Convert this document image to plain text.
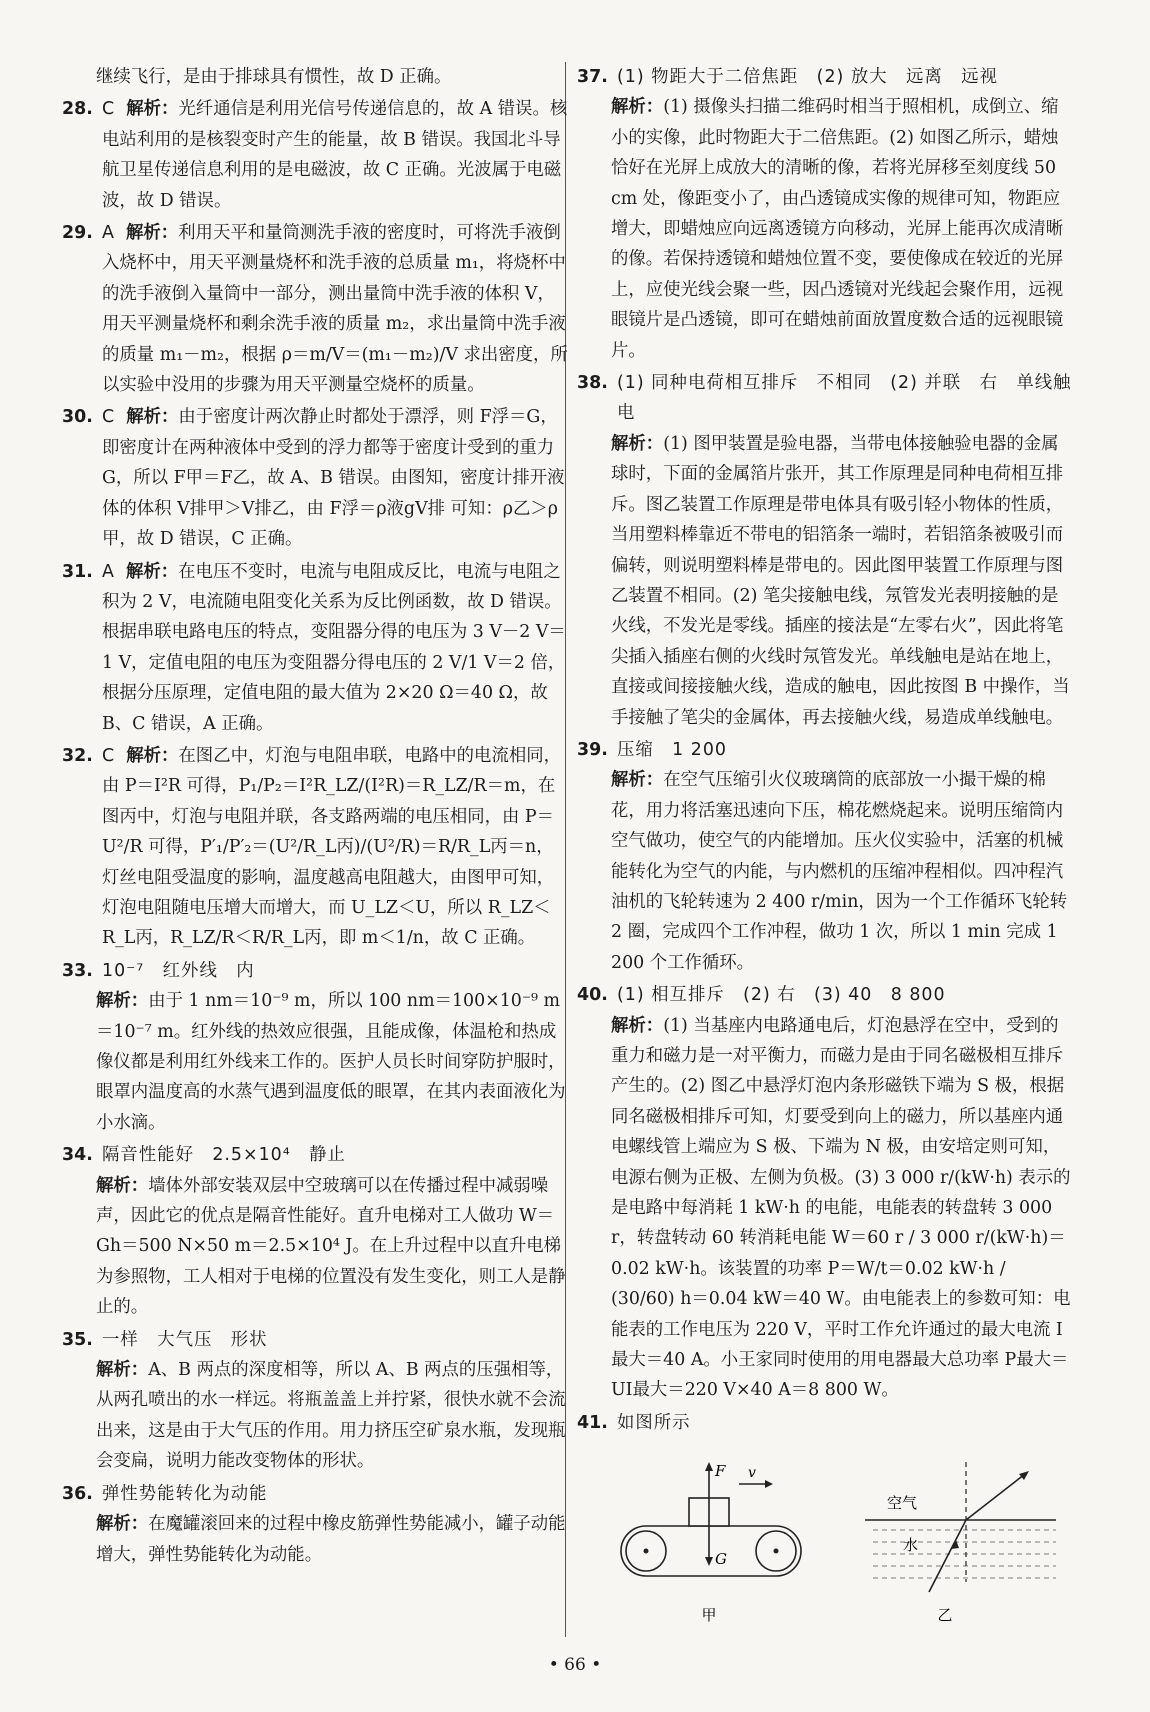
继续飞行，是由于排球具有惯性，故 D 正确。
28. C 解析：光纤通信是利用光信号传递信息的，故 A 错误。核电站利用的是核裂变时产生的能量，故 B 错误。我国北斗导航卫星传递信息利用的是电磁波，故 C 正确。光波属于电磁波，故 D 错误。
29. A 解析：利用天平和量筒测洗手液的密度时，可将洗手液倒入烧杯中，用天平测量烧杯和洗手液的总质量 m₁，将烧杯中的洗手液倒入量筒中一部分，测出量筒中洗手液的体积 V，用天平测量烧杯和剩余洗手液的质量 m₂，求出量筒中洗手液的质量 m₁－m₂，根据 ρ＝m/V＝(m₁－m₂)/V 求出密度，所以实验中没用的步骤为用天平测量空烧杯的质量。
30. C 解析：由于密度计两次静止时都处于漂浮，则 F浮＝G，即密度计在两种液体中受到的浮力都等于密度计受到的重力 G，所以 F甲＝F乙，故 A、B 错误。由图知，密度计排开液体的体积 V排甲＞V排乙，由 F浮＝ρ液gV排 可知：ρ乙＞ρ甲，故 D 错误，C 正确。
31. A 解析：在电压不变时，电流与电阻成反比，电流与电阻之积为 2 V，电流随电阻变化关系为反比例函数，故 D 错误。根据串联电路电压的特点，变阻器分得的电压为 3 V－2 V＝1 V，定值电阻的电压为变阻器分得电压的 2 V/1 V＝2 倍，根据分压原理，定值电阻的最大值为 2×20 Ω＝40 Ω，故 B、C 错误，A 正确。
32. C 解析：在图乙中，灯泡与电阻串联，电路中的电流相同，由 P＝I²R 可得，P₁/P₂＝I²R_LZ/(I²R)＝R_LZ/R＝m，在图丙中，灯泡与电阻并联，各支路两端的电压相同，由 P＝U²/R 可得，P′₁/P′₂＝(U²/R_L丙)/(U²/R)＝R/R_L丙＝n，灯丝电阻受温度的影响，温度越高电阻越大，由图甲可知，灯泡电阻随电压增大而增大，而 U_LZ＜U，所以 R_LZ＜R_L丙，R_LZ/R＜R/R_L丙，即 m＜1/n，故 C 正确。
33. 10⁻⁷　红外线　内
解析：由于 1 nm＝10⁻⁹ m，所以 100 nm＝100×10⁻⁹ m＝10⁻⁷ m。红外线的热效应很强，且能成像，体温枪和热成像仪都是利用红外线来工作的。医护人员长时间穿防护服时，眼罩内温度高的水蒸气遇到温度低的眼罩，在其内表面液化为小水滴。
34. 隔音性能好　2.5×10⁴　静止
解析：墙体外部安装双层中空玻璃可以在传播过程中减弱噪声，因此它的优点是隔音性能好。直升电梯对工人做功 W＝Gh＝500 N×50 m＝2.5×10⁴ J。在上升过程中以直升电梯为参照物，工人相对于电梯的位置没有发生变化，则工人是静止的。
35. 一样　大气压　形状
解析：A、B 两点的深度相等，所以 A、B 两点的压强相等，从两孔喷出的水一样远。将瓶盖盖上并拧紧，很快水就不会流出来，这是由于大气压的作用。用力挤压空矿泉水瓶，发现瓶会变扁，说明力能改变物体的形状。
36. 弹性势能转化为动能
解析：在魔罐滚回来的过程中橡皮筋弹性势能减小，罐子动能增大，弹性势能转化为动能。
37. (1) 物距大于二倍焦距　(2) 放大　远离　远视
解析：(1) 摄像头扫描二维码时相当于照相机，成倒立、缩小的实像，此时物距大于二倍焦距。(2) 如图乙所示，蜡烛恰好在光屏上成放大的清晰的像，若将光屏移至刻度线 50 cm 处，像距变小了，由凸透镜成实像的规律可知，物距应增大，即蜡烛应向远离透镜方向移动，光屏上能再次成清晰的像。若保持透镜和蜡烛位置不变，要使像成在较近的光屏上，应使光线会聚一些，因凸透镜对光线起会聚作用，远视眼镜片是凸透镜，即可在蜡烛前面放置度数合适的远视眼镜片。
38. (1) 同种电荷相互排斥　不相同　(2) 并联　右　单线触电
解析：(1) 图甲装置是验电器，当带电体接触验电器的金属球时，下面的金属箔片张开，其工作原理是同种电荷相互排斥。图乙装置工作原理是带电体具有吸引轻小物体的性质，当用塑料棒靠近不带电的铝箔条一端时，若铝箔条被吸引而偏转，则说明塑料棒是带电的。因此图甲装置工作原理与图乙装置不相同。(2) 笔尖接触电线，氖管发光表明接触的是火线，不发光是零线。插座的接法是“左零右火”，因此将笔尖插入插座右侧的火线时氖管发光。单线触电是站在地上，直接或间接接触火线，造成的触电，因此按图 B 中操作，当手接触了笔尖的金属体，再去接触火线，易造成单线触电。
39. 压缩　1 200
解析：在空气压缩引火仪玻璃筒的底部放一小撮干燥的棉花，用力将活塞迅速向下压，棉花燃烧起来。说明压缩筒内空气做功，使空气的内能增加。压火仪实验中，活塞的机械能转化为空气的内能，与内燃机的压缩冲程相似。四冲程汽油机的飞轮转速为 2 400 r/min，因为一个工作循环飞轮转 2 圈，完成四个工作冲程，做功 1 次，所以 1 min 完成 1 200 个工作循环。
40. (1) 相互排斥　(2) 右　(3) 40　8 800
解析：(1) 当基座内电路通电后，灯泡悬浮在空中，受到的重力和磁力是一对平衡力，而磁力是由于同名磁极相互排斥产生的。(2) 图乙中悬浮灯泡内条形磁铁下端为 S 极，根据同名磁极相排斥可知，灯要受到向上的磁力，所以基座内通电螺线管上端应为 S 极、下端为 N 极，由安培定则可知，电源右侧为正极、左侧为负极。(3) 3 000 r/(kW·h) 表示的是电路中每消耗 1 kW·h 的电能，电能表的转盘转 3 000 r，转盘转动 60 转消耗电能 W＝60 r / 3 000 r/(kW·h)＝0.02 kW·h。该装置的功率 P＝W/t＝0.02 kW·h / (30/60) h＝0.04 kW＝40 W。由电能表上的参数可知：电能表的工作电压为 220 V，平时工作允许通过的最大电流 I最大＝40 A。小王家同时使用的用电器最大总功率 P最大＝UI最大＝220 V×40 A＝8 800 W。
41. 如图所示
F
G
v
甲
空气
水
乙
• 66 •
